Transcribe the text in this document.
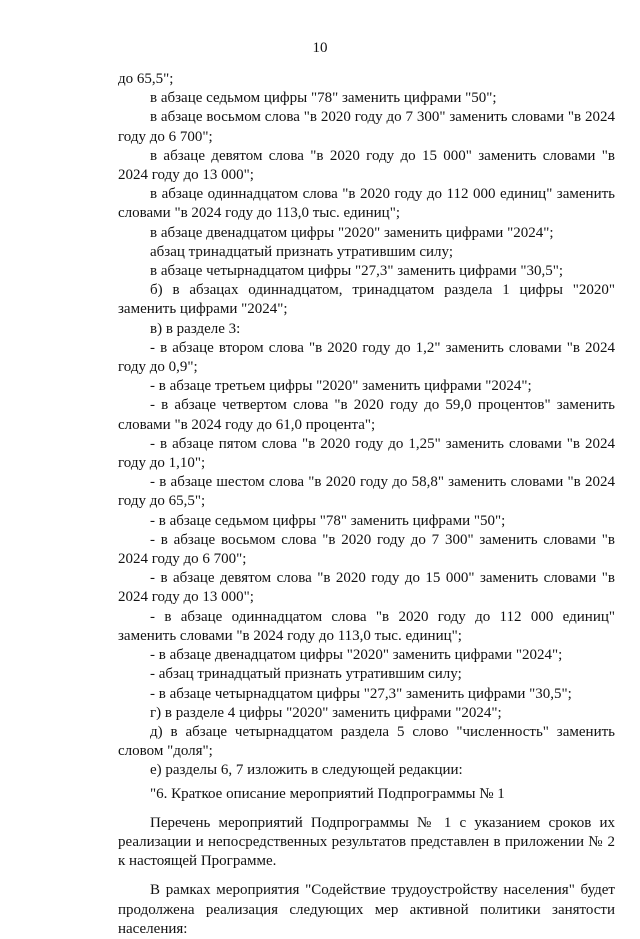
10

до 65,5";

в абзаце седьмом цифры "78" заменить цифрами "50";

в абзаце восьмом слова "в 2020 году до 7 300" заменить словами "в 2024 году до 6 700";

в абзаце девятом слова "в 2020 году до 15 000" заменить словами "в 2024 году до 13 000";

в абзаце одиннадцатом слова "в 2020 году до 112 000 единиц" заменить словами "в 2024 году до 113,0 тыс. единиц";

в абзаце двенадцатом цифры "2020" заменить цифрами "2024";

абзац тринадцатый признать утратившим силу;

в абзаце четырнадцатом цифры "27,3" заменить цифрами "30,5";

б) в абзацах одиннадцатом, тринадцатом раздела 1 цифры "2020" заменить цифрами "2024";

в) в разделе 3:

- в абзаце втором слова "в 2020 году до 1,2" заменить словами "в 2024 году до 0,9";

- в абзаце третьем цифры "2020" заменить цифрами "2024";

- в абзаце четвертом слова "в 2020 году до 59,0 процентов" заменить словами "в 2024 году до 61,0 процента";

- в абзаце пятом слова "в 2020 году до 1,25" заменить словами "в 2024 году до 1,10";

- в абзаце шестом слова "в 2020 году до 58,8" заменить словами "в 2024 году до 65,5";

- в абзаце седьмом цифры "78" заменить цифрами "50";

- в абзаце восьмом слова "в 2020 году до 7 300" заменить словами "в 2024 году до 6 700";

- в абзаце девятом слова "в 2020 году до 15 000" заменить словами "в 2024 году до 13 000";

- в абзаце одиннадцатом слова "в 2020 году до 112 000 единиц" заменить словами "в 2024 году до 113,0 тыс. единиц";

- в абзаце двенадцатом цифры "2020" заменить цифрами "2024";

- абзац тринадцатый признать утратившим силу;

- в абзаце четырнадцатом цифры "27,3" заменить цифрами "30,5";

г) в разделе 4 цифры "2020" заменить цифрами "2024";

д) в абзаце четырнадцатом раздела 5 слово "численность" заменить словом "доля";

е) разделы 6, 7 изложить в следующей редакции:

"6. Краткое описание мероприятий Подпрограммы № 1

Перечень мероприятий Подпрограммы № 1 с указанием сроков их реализации и непосредственных результатов представлен в приложении № 2 к настоящей Программе.

В рамках мероприятия "Содействие трудоустройству населения" будет продолжена реализация следующих мер активной политики занятости населения:
